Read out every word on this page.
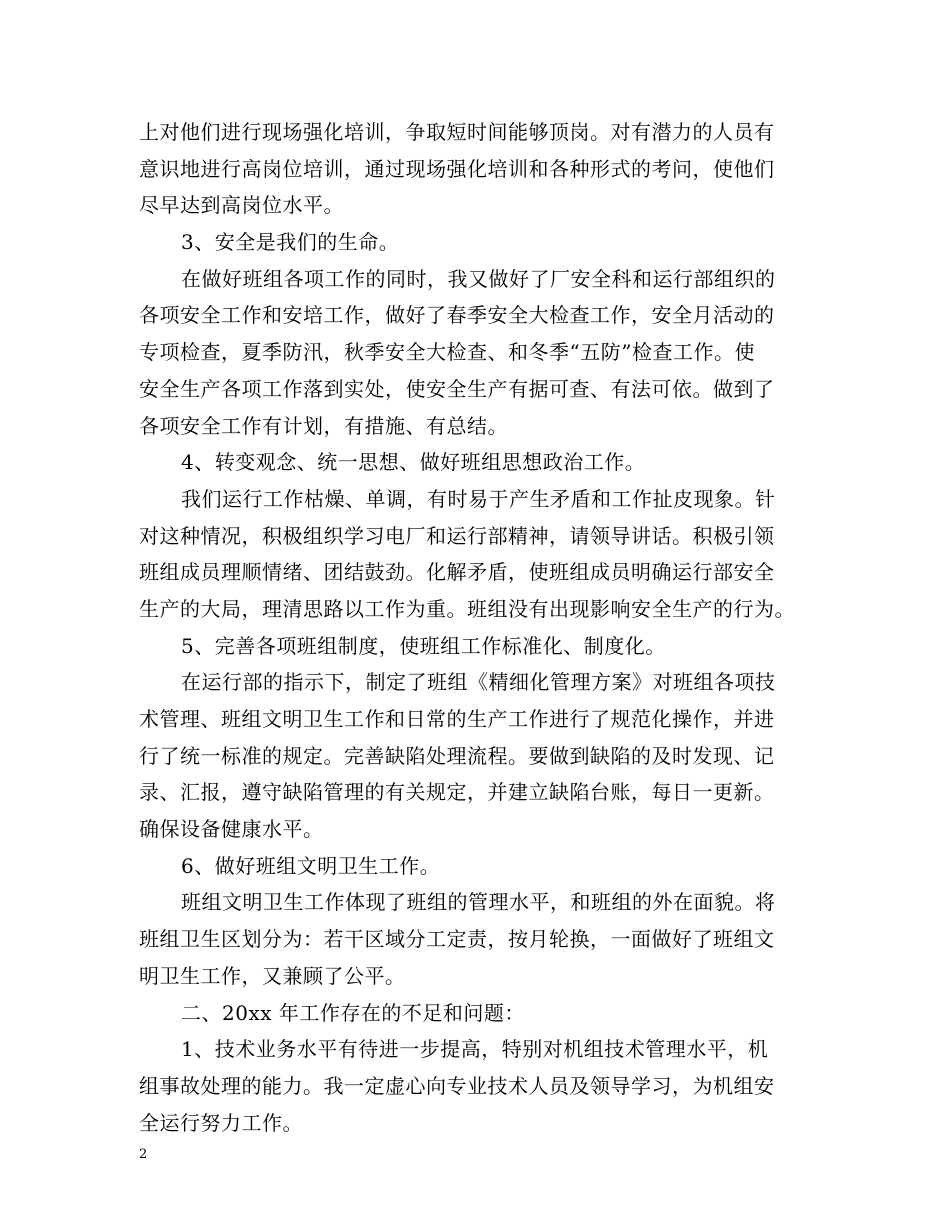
上对他们进行现场强化培训，争取短时间能够顶岗。对有潜力的人员有
意识地进行高岗位培训，通过现场强化培训和各种形式的考问，使他们
尽早达到高岗位水平。
3、安全是我们的生命。
在做好班组各项工作的同时，我又做好了厂安全科和运行部组织的
各项安全工作和安培工作，做好了春季安全大检查工作，安全月活动的
专项检查，夏季防汛，秋季安全大检查、和冬季“五防”检查工作。使
安全生产各项工作落到实处，使安全生产有据可查、有法可依。做到了
各项安全工作有计划，有措施、有总结。
4、转变观念、统一思想、做好班组思想政治工作。
我们运行工作枯燥、单调，有时易于产生矛盾和工作扯皮现象。针
对这种情况，积极组织学习电厂和运行部精神，请领导讲话。积极引领
班组成员理顺情绪、团结鼓劲。化解矛盾，使班组成员明确运行部安全
生产的大局，理清思路以工作为重。班组没有出现影响安全生产的行为。
5、完善各项班组制度，使班组工作标准化、制度化。
在运行部的指示下，制定了班组《精细化管理方案》对班组各项技
术管理、班组文明卫生工作和日常的生产工作进行了规范化操作，并进
行了统一标准的规定。完善缺陷处理流程。要做到缺陷的及时发现、记
录、汇报，遵守缺陷管理的有关规定，并建立缺陷台账，每日一更新。
确保设备健康水平。
6、做好班组文明卫生工作。
班组文明卫生工作体现了班组的管理水平，和班组的外在面貌。将
班组卫生区划分为：若干区域分工定责，按月轮换，一面做好了班组文
明卫生工作，又兼顾了公平。
二、20xx 年工作存在的不足和问题：
1、技术业务水平有待进一步提高，特别对机组技术管理水平，机
组事故处理的能力。我一定虚心向专业技术人员及领导学习，为机组安
全运行努力工作。
2
